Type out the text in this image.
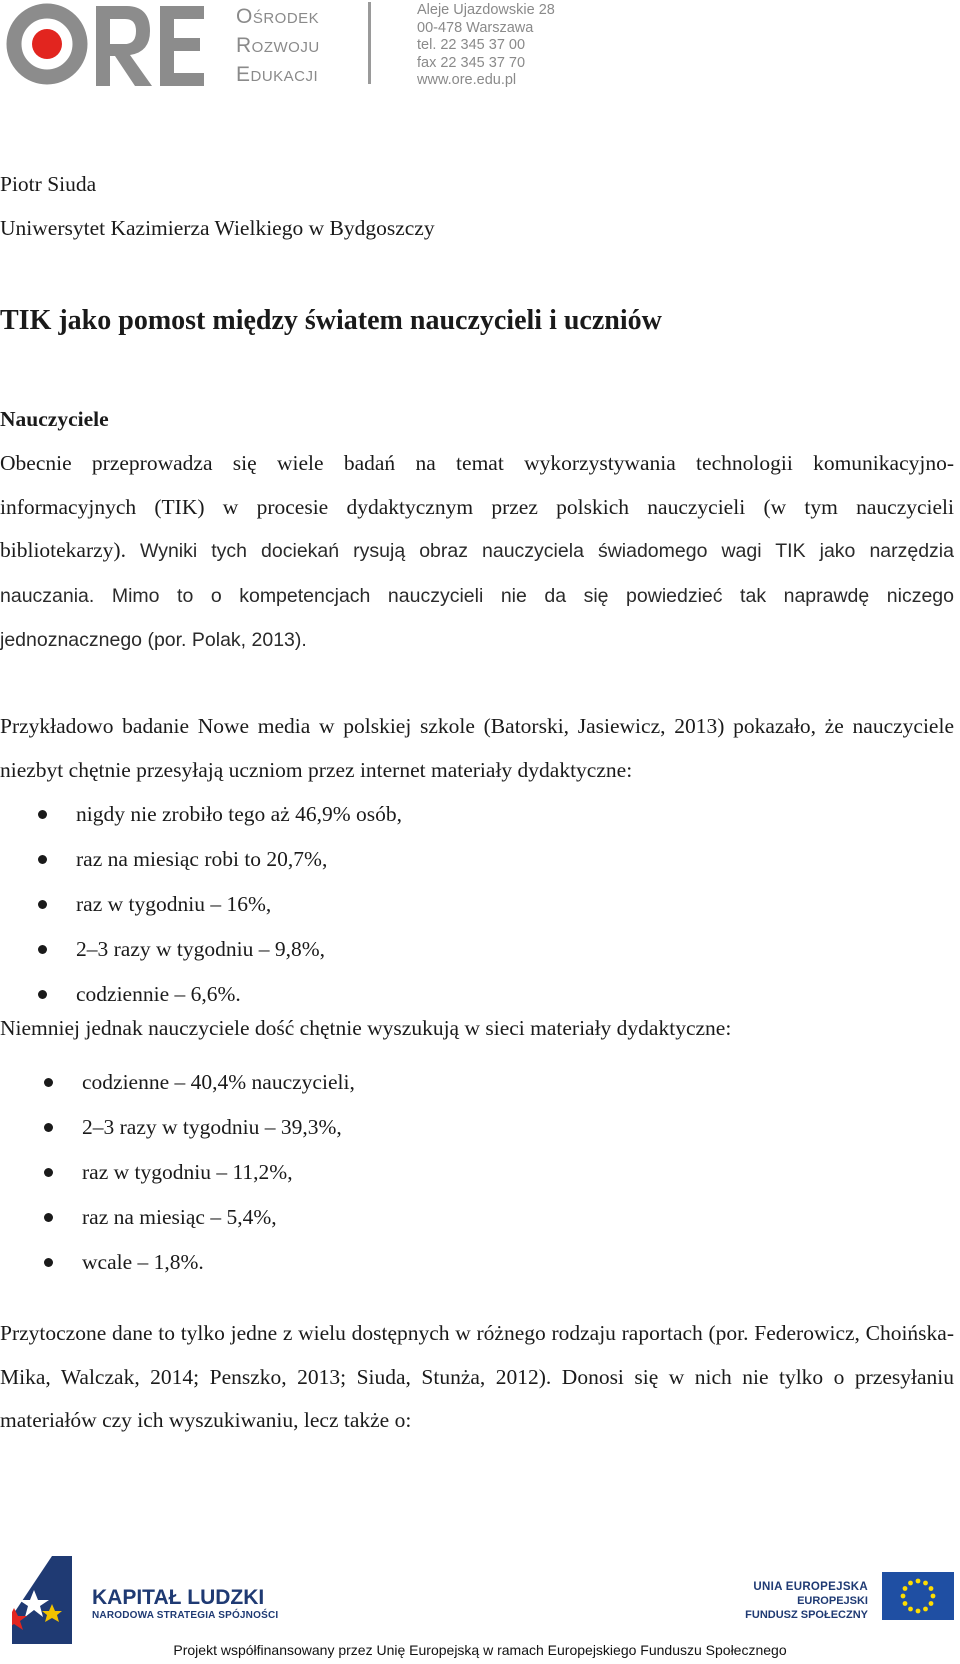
Ośrodek
Rozwoju
Edukacji
Aleje Ujazdowskie 28
00-478 Warszawa
tel. 22 345 37 00
fax 22 345 37 70
www.ore.edu.pl
Piotr Siuda
Uniwersytet Kazimierza Wielkiego w Bydgoszczy
TIK jako pomost między światem nauczycieli i uczniów
Nauczyciele
Obecnie przeprowadza się wiele badań na temat wykorzystywania technologii komunikacyjno-informacyjnych (TIK) w procesie dydaktycznym przez polskich nauczycieli (w tym nauczycieli bibliotekarzy). Wyniki tych dociekań rysują obraz nauczyciela świadomego wagi TIK jako narzędzia nauczania. Mimo to o kompetencjach nauczycieli nie da się powiedzieć tak naprawdę niczego jednoznacznego (por. Polak, 2013).
Przykładowo badanie Nowe media w polskiej szkole (Batorski, Jasiewicz, 2013) pokazało, że nauczyciele niezbyt chętnie przesyłają uczniom przez internet materiały dydaktyczne:
nigdy nie zrobiło tego aż 46,9% osób,
raz na miesiąc robi to 20,7%,
raz w tygodniu – 16%,
2–3 razy w tygodniu – 9,8%,
codziennie – 6,6%.
Niemniej jednak nauczyciele dość chętnie wyszukują w sieci materiały dydaktyczne:
codzienne – 40,4% nauczycieli,
2–3 razy w tygodniu – 39,3%,
raz w tygodniu – 11,2%,
raz na miesiąc – 5,4%,
wcale – 1,8%.
Przytoczone dane to tylko jedne z wielu dostępnych w różnego rodzaju raportach (por. Federowicz, Choińska-Mika, Walczak, 2014; Penszko, 2013; Siuda, Stunża, 2012). Donosi się w nich nie tylko o przesyłaniu materiałów czy ich wyszukiwaniu, lecz także o:
KAPITAŁ LUDZKI
NARODOWA STRATEGIA SPÓJNOŚCI
UNIA EUROPEJSKA
EUROPEJSKI
FUNDUSZ SPOŁECZNY
Projekt współfinansowany przez Unię Europejską w ramach Europejskiego Funduszu Społecznego
